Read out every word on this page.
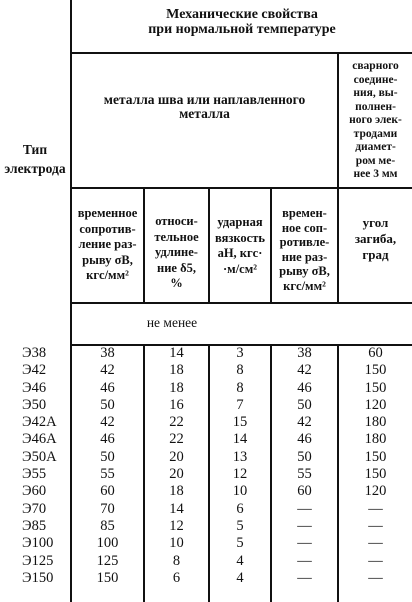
Механические свойства
при нормальной температуре
металла шва или наплавленного
металла
сварного
соедине-
ния, вы-
полнен-
ного элек-
тродами
диамет-
ром ме-
нее 3 мм
Тип
электрода
временное
сопротив-
ление раз-
рыву σB,
кгс/мм²
относи-
тельное
удлине-
ние δ5,
%
ударная
вязкость
aH, кгс·
·м/см²
времен-
ное соп-
ротивле-
ние раз-
рыву σB,
кгс/мм²
угол
загиба,
град
не менее
Э38
Э42
Э46
Э50
Э42А
Э46А
Э50А
Э55
Э60
Э70
Э85
Э100
Э125
Э150
38
42
46
50
42
46
50
55
60
70
85
100
125
150
14
18
18
16
22
22
20
20
18
14
12
10
8
6
3
8
8
7
15
14
13
12
10
6
5
5
4
4
38
42
46
50
42
46
50
55
60
—
—
—
—
—
60
150
150
120
180
180
150
150
120
—
—
—
—
—
